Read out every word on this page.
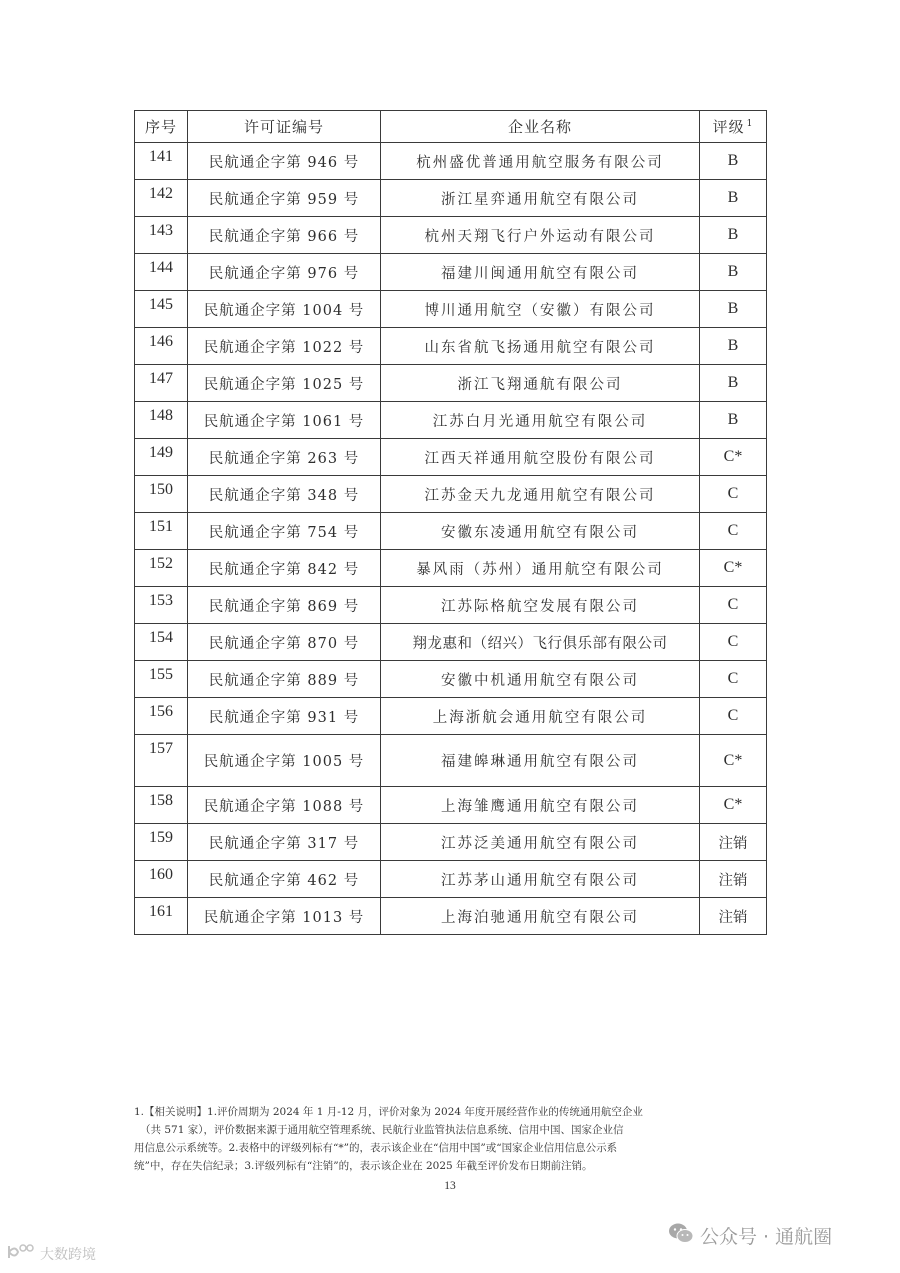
序号	许可证编号	企业名称	评级 $^1$
141	民航通企字第 946 号	杭州盛优普通用航空服务有限公司	B
142	民航通企字第 959 号	浙江星弈通用航空有限公司	B
143	民航通企字第 966 号	杭州天翔飞行户外运动有限公司	B
144	民航通企字第 976 号	福建川闽通用航空有限公司	B
145	民航通企字第 1004 号	博川通用航空（安徽）有限公司	B
146	民航通企字第 1022 号	山东省航飞扬通用航空有限公司	B
147	民航通企字第 1025 号	浙江飞翔通航有限公司	B
148	民航通企字第 1061 号	江苏白月光通用航空有限公司	B
149	民航通企字第 263 号	江西天祥通用航空股份有限公司	C*
150	民航通企字第 348 号	江苏金天九龙通用航空有限公司	C
151	民航通企字第 754 号	安徽东凌通用航空有限公司	C
152	民航通企字第 842 号	暴风雨（苏州）通用航空有限公司	C*
153	民航通企字第 869 号	江苏际格航空发展有限公司	C
154	民航通企字第 870 号	翔龙惠和（绍兴）飞行俱乐部有限公司	C
155	民航通企字第 889 号	安徽中机通用航空有限公司	C
156	民航通企字第 931 号	上海浙航会通用航空有限公司	C
157	民航通企字第 1005 号	福建皞琳通用航空有限公司	C*
158	民航通企字第 1088 号	上海雏鹰通用航空有限公司	C*
159	民航通企字第 317 号	江苏泛美通用航空有限公司	注销
160	民航通企字第 462 号	江苏茅山通用航空有限公司	注销
161	民航通企字第 1013 号	上海泊驰通用航空有限公司	注销

1.【相关说明】1.评价周期为 2024 年 1 月-12 月，评价对象为 2024 年度开展经营作业的传统通用航空企业

（共 571 家），评价数据来源于通用航空管理系统、民航行业监管执法信息系统、信用中国、国家企业信

用信息公示系统等。2.表格中的评级列标有“*”的，表示该企业在“信用中国”或“国家企业信用信息公示系

统”中，存在失信纪录；3.评级列标有“注销”的，表示该企业在 2025 年截至评价发布日期前注销。

13
公众号 · 通航圈
大数跨境
